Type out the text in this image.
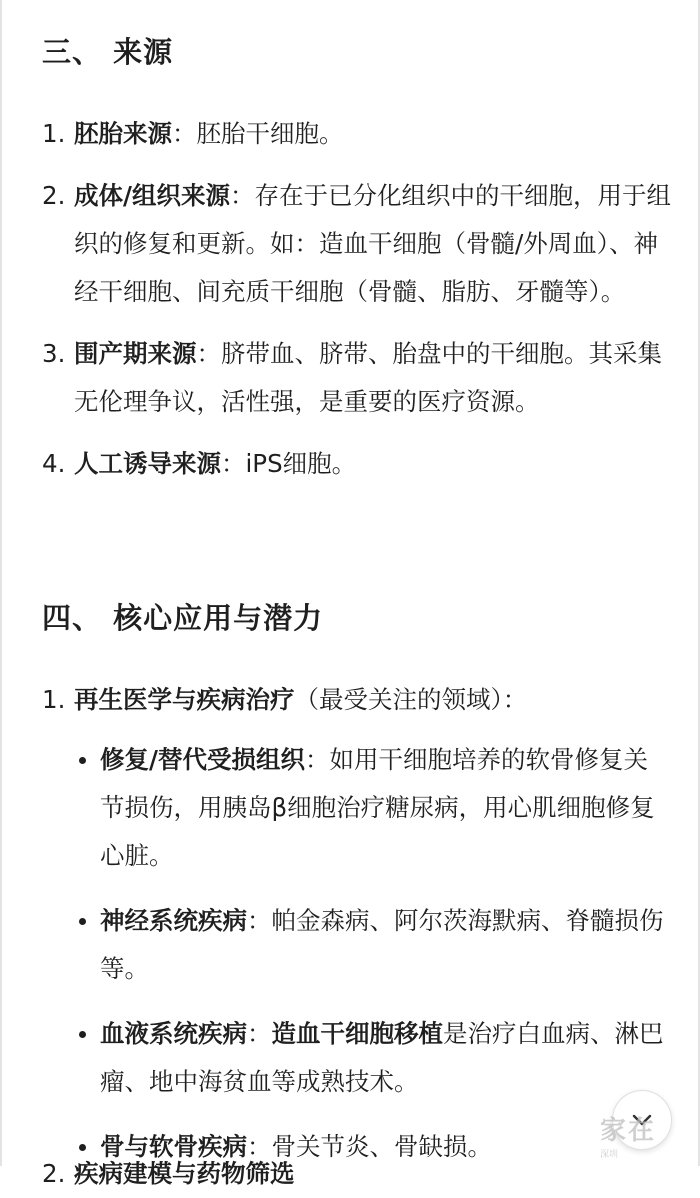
三、 来源
1. 胚胎来源：胚胎干细胞。
2. 成体/组织来源：存在于已分化组织中的干细胞，用于组织的修复和更新。如：造血干细胞（骨髓/外周血）、神经干细胞、间充质干细胞（骨髓、脂肪、牙髓等）。
3. 围产期来源：脐带血、脐带、胎盘中的干细胞。其采集无伦理争议，活性强，是重要的医疗资源。
4. 人工诱导来源：iPS细胞。
四、 核心应用与潜力
1. 再生医学与疾病治疗（最受关注的领域）：
修复/替代受损组织：如用干细胞培养的软骨修复关节损伤，用胰岛β细胞治疗糖尿病，用心肌细胞修复心脏。
神经系统疾病：帕金森病、阿尔茨海默病、脊髓损伤等。
血液系统疾病：造血干细胞移植是治疗白血病、淋巴瘤、地中海贫血等成熟技术。
骨与软骨疾病：骨关节炎、骨缺损。
2. 疾病建模与药物筛选
家在
深圳
